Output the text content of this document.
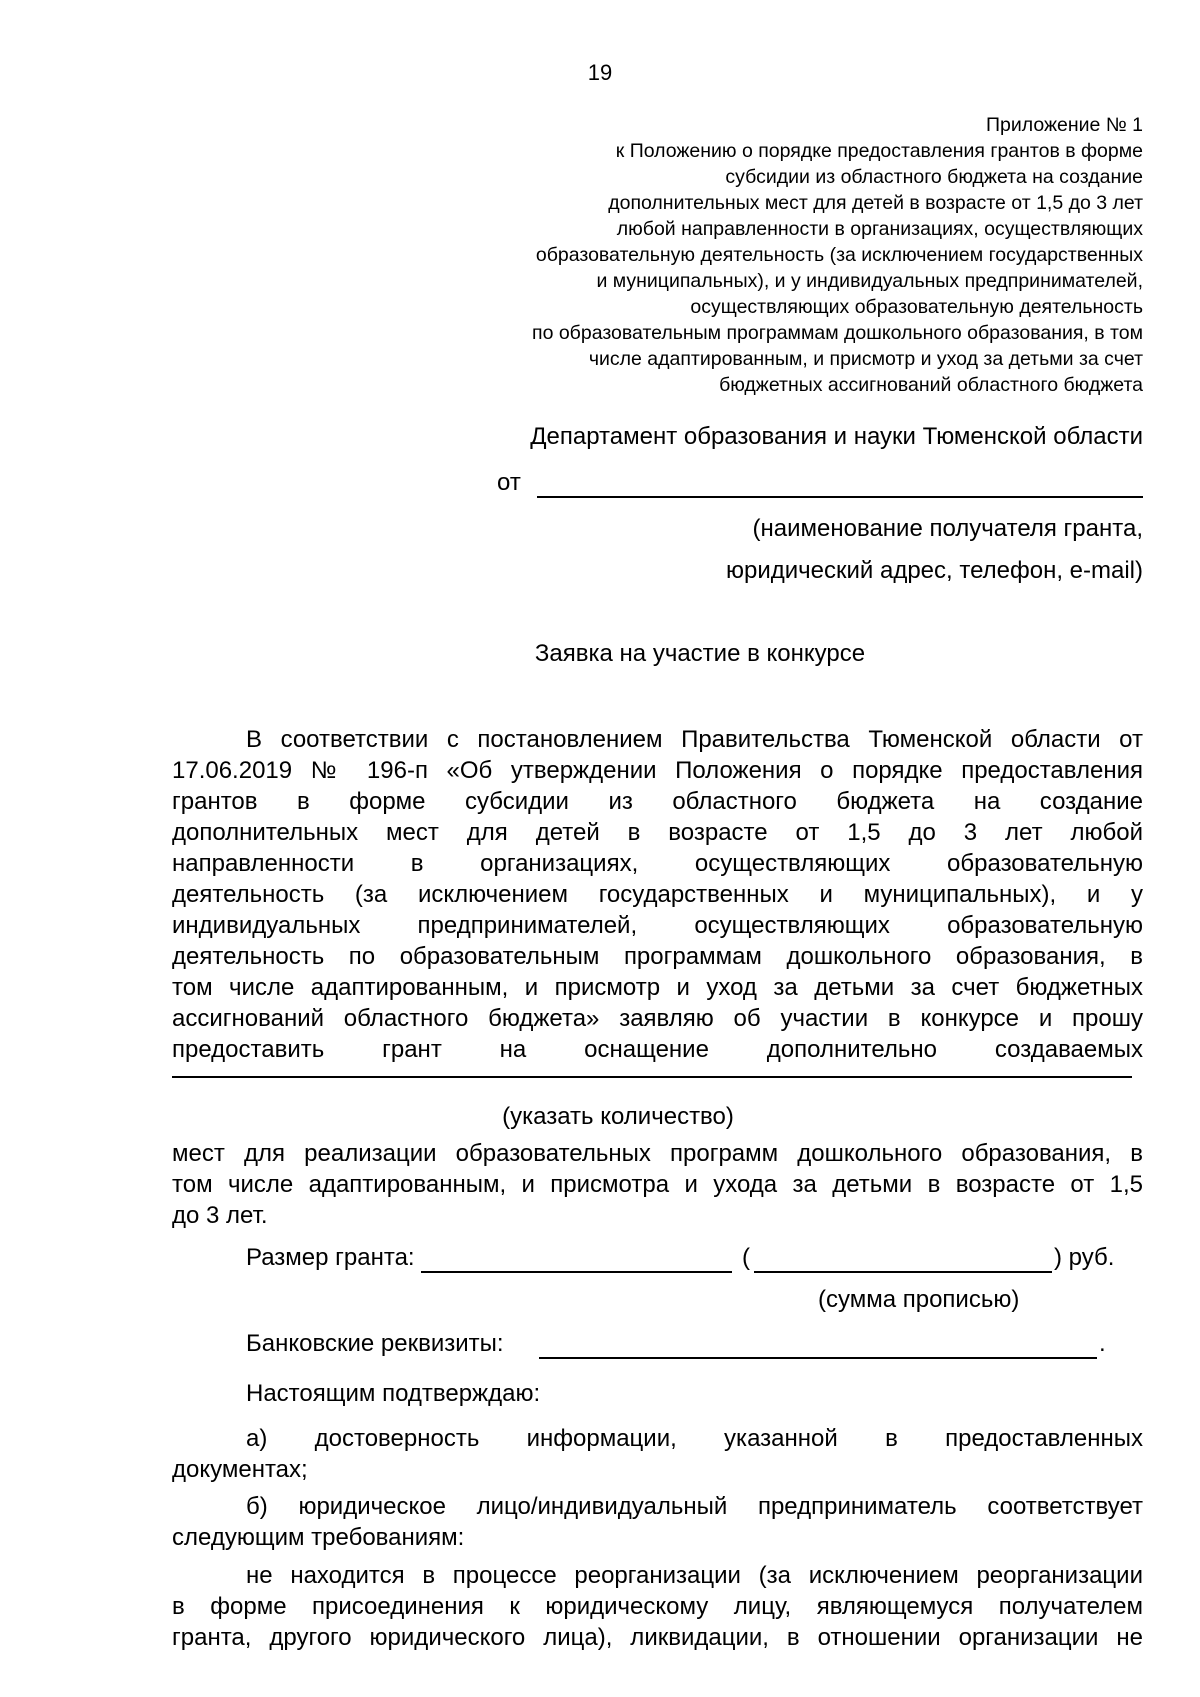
19
Приложение № 1
к Положению о порядке предоставления грантов в форме
субсидии из областного бюджета на создание
дополнительных мест для детей в возрасте от 1,5 до 3 лет
любой направленности в организациях, осуществляющих
образовательную деятельность (за исключением государственных
и муниципальных), и у индивидуальных предпринимателей,
осуществляющих образовательную деятельность
по образовательным программам дошкольного образования, в том
числе адаптированным, и присмотр и уход за детьми за счет
бюджетных ассигнований областного бюджета
Департамент образования и науки Тюменской области
от
(наименование получателя гранта,
юридический адрес, телефон, e-mail)
Заявка на участие в конкурсе
В соответствии с постановлением Правительства Тюменской области от
17.06.2019 № 196-п «Об утверждении Положения о порядке предоставления
грантов в форме субсидии из областного бюджета на создание
дополнительных мест для детей в возрасте от 1,5 до 3 лет любой
направленности в организациях, осуществляющих образовательную
деятельность (за исключением государственных и муниципальных), и у
индивидуальных предпринимателей, осуществляющих образовательную
деятельность по образовательным программам дошкольного образования, в
том числе адаптированным, и присмотр и уход за детьми за счет бюджетных
ассигнований областного бюджета» заявляю об участии в конкурсе и прошу
предоставить грант на оснащение дополнительно создаваемых
(указать количество)
мест для реализации образовательных программ дошкольного образования, в
том числе адаптированным, и присмотра и ухода за детьми в возрасте от 1,5
до 3 лет.
Размер гранта:	(	) руб.
(сумма прописью)
Банковские реквизиты:	.
Настоящим подтверждаю:
а) достоверность информации, указанной в предоставленных
документах;
б) юридическое лицо/индивидуальный предприниматель соответствует
следующим требованиям:
не находится в процессе реорганизации (за исключением реорганизации
в форме присоединения к юридическому лицу, являющемуся получателем
гранта, другого юридического лица), ликвидации, в отношении организации не
